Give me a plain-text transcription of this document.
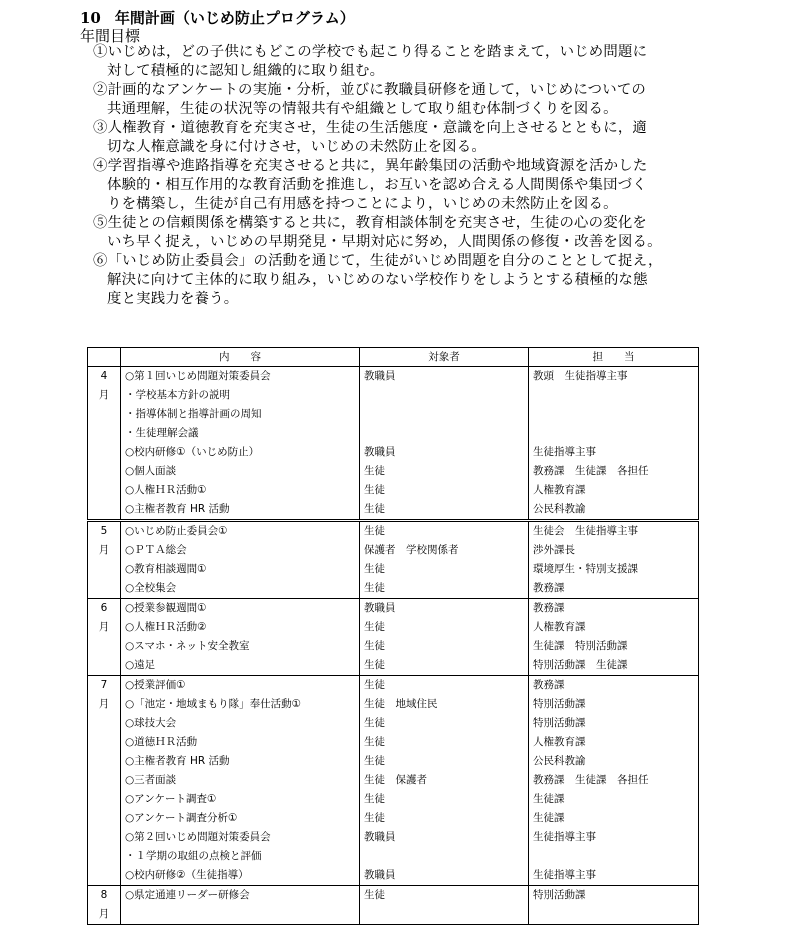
10 年間計画（いじめ防止プログラム）
年間目標
①いじめは，どの子供にもどこの学校でも起こり得ることを踏まえて，いじめ問題に
対して積極的に認知し組織的に取り組む。
②計画的なアンケートの実施・分析，並びに教職員研修を通して，いじめについての
共通理解，生徒の状況等の情報共有や組織として取り組む体制づくりを図る。
③人権教育・道徳教育を充実させ，生徒の生活態度・意識を向上させるとともに，適
切な人権意識を身に付けさせ，いじめの未然防止を図る。
④学習指導や進路指導を充実させると共に，異年齢集団の活動や地域資源を活かした
体験的・相互作用的な教育活動を推進し，お互いを認め合える人間関係や集団づく
りを構築し，生徒が自己有用感を持つことにより，いじめの未然防止を図る。
⑤生徒との信頼関係を構築すると共に，教育相談体制を充実させ，生徒の心の変化を
いち早く捉え，いじめの早期発見・早期対応に努め，人間関係の修復・改善を図る。
⑥「いじめ防止委員会」の活動を通じて，生徒がいじめ問題を自分のこととして捉え，
解決に向けて主体的に取り組み，いじめのない学校作りをしようとする積極的な態
度と実践力を養う。
	内　　容	対象者	担　　当
4	○第１回いじめ問題対策委員会	教職員	教頭　生徒指導主事
月	・学校基本方針の説明		
	・指導体制と指導計画の周知		
	・生徒理解会議		
	○校内研修①（いじめ防止）	教職員	生徒指導主事
	○個人面談	生徒	教務課　生徒課　各担任
	○人権ＨＲ活動①	生徒	人権教育課
	○主権者教育 HR 活動	生徒	公民科教諭
5	○いじめ防止委員会①	生徒	生徒会　生徒指導主事
月	○ＰＴＡ総会	保護者　学校関係者	渉外課長
	○教育相談週間①	生徒	環境厚生・特別支援課
	○全校集会	生徒	教務課

6	○授業参観週間①	教職員	教務課
月	○人権ＨＲ活動②	生徒	人権教育課
	○スマホ・ネット安全教室	生徒	生徒課　特別活動課
	○遠足	生徒	特別活動課　生徒課
7	○授業評価①	生徒	教務課
月	○「池定・地域まもり隊」奉仕活動①	生徒　地域住民	特別活動課
	○球技大会	生徒	特別活動課
	○道徳ＨＲ活動	生徒	人権教育課
	○主権者教育 HR 活動	生徒	公民科教諭
	○三者面談	生徒　保護者	教務課　生徒課　各担任
	○アンケート調査①	生徒	生徒課
	○アンケート調査分析①	生徒	生徒課
	○第２回いじめ問題対策委員会	教職員	生徒指導主事
	・１学期の取組の点検と評価		
	○校内研修②（生徒指導）	教職員	生徒指導主事
8	○県定通連リーダー研修会	生徒	特別活動課
月			
